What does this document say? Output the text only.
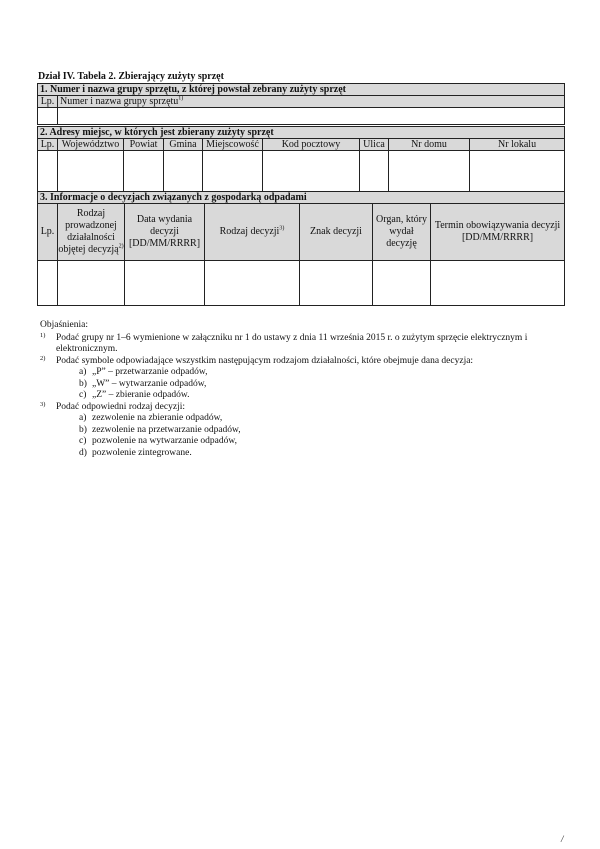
Dział IV. Tabela 2. Zbierający zużyty sprzęt
1. Numer i nazwa grupy sprzętu, z której powstał zebrany zużyty sprzęt	
Lp.	Numer i nazwa grupy sprzętu$^{1)}$

2. Adresy miejsc, w których jest zbierany zużyty sprzęt								
Lp.	Województwo	Powiat	Gmina	Miejscowość	Kod pocztowy	Ulica	Nr domu	Nr lokalu

3. Informacje o decyzjach związanych z gospodarką odpadami						
Lp.	Rodzaj prowadzonej działalności objętej decyzją$^{2)}$	Data wydania decyzji [DD/MM/RRRR]	Rodzaj decyzji$^{3)}$	Znak decyzji	Organ, który wydał decyzję	Termin obowiązywania decyzji [DD/MM/RRRR]

Objaśnienia:
1) Podać grupy nr 1–6 wymienione w załączniku nr 1 do ustawy z dnia 11 września 2015 r. o zużytym sprzęcie elektrycznym i elektronicznym.
2) Podać symbole odpowiadające wszystkim następującym rodzajom działalności, które obejmuje dana decyzja:
a) „P” – przetwarzanie odpadów,
b) „W” – wytwarzanie odpadów,
c) „Z” – zbieranie odpadów.
3) Podać odpowiedni rodzaj decyzji:
a) zezwolenie na zbieranie odpadów,
b) zezwolenie na przetwarzanie odpadów,
c) pozwolenie na wytwarzanie odpadów,
d) pozwolenie zintegrowane.
/
